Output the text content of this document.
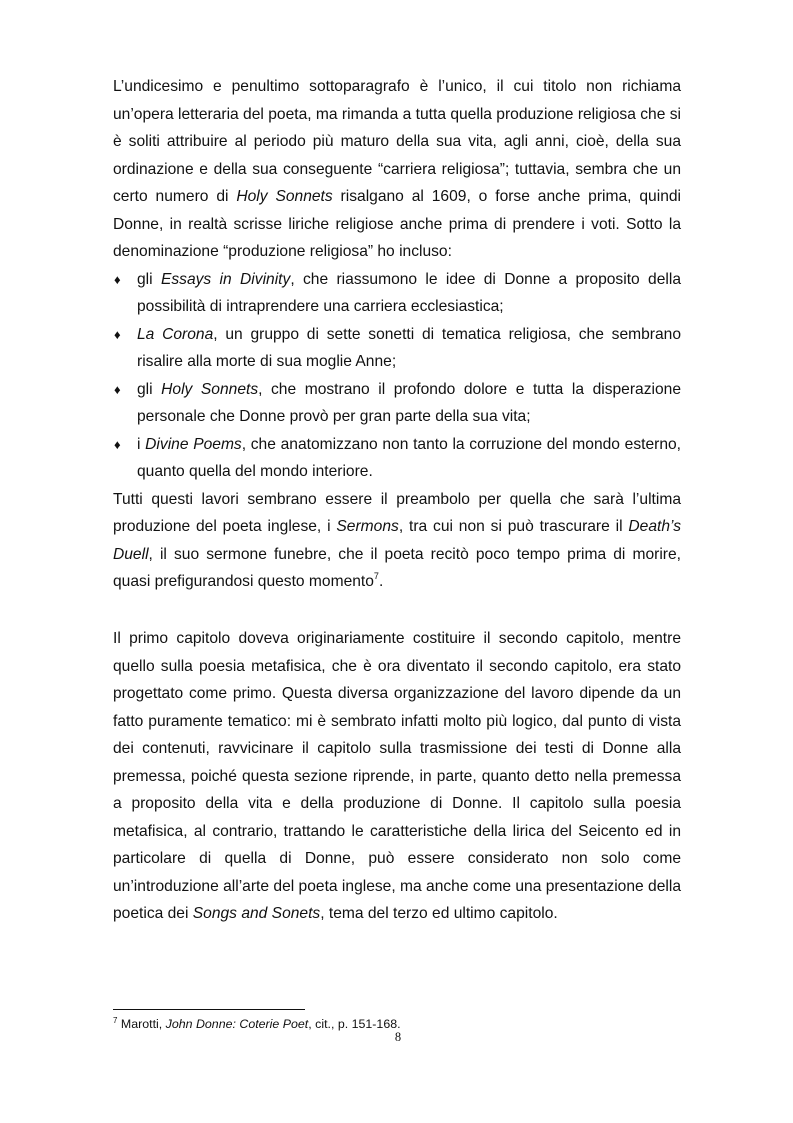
L’undicesimo e penultimo sottoparagrafo è l’unico, il cui titolo non richiama un’opera letteraria del poeta, ma rimanda a tutta quella produzione religiosa che si è soliti attribuire al periodo più maturo della sua vita, agli anni, cioè, della sua ordinazione e della sua conseguente “carriera religiosa”; tuttavia, sembra che un certo numero di Holy Sonnets risalgano al 1609, o forse anche prima, quindi Donne, in realtà scrisse liriche religiose anche prima di prendere i voti. Sotto la denominazione “produzione religiosa” ho incluso:

♦ gli Essays in Divinity, che riassumono le idee di Donne a proposito della possibilità di intraprendere una carriera ecclesiastica;
♦ La Corona, un gruppo di sette sonetti di tematica religiosa, che sembrano risalire alla morte di sua moglie Anne;
♦ gli Holy Sonnets, che mostrano il profondo dolore e tutta la disperazione personale che Donne provò per gran parte della sua vita;
♦ i Divine Poems, che anatomizzano non tanto la corruzione del mondo esterno, quanto quella del mondo interiore.

Tutti questi lavori sembrano essere il preambolo per quella che sarà l’ultima produzione del poeta inglese, i Sermons, tra cui non si può trascurare il Death’s Duell, il suo sermone funebre, che il poeta recitò poco tempo prima di morire, quasi prefigurandosi questo momento$^7$.

Il primo capitolo doveva originariamente costituire il secondo capitolo, mentre quello sulla poesia metafisica, che è ora diventato il secondo capitolo, era stato progettato come primo. Questa diversa organizzazione del lavoro dipende da un fatto puramente tematico: mi è sembrato infatti molto più logico, dal punto di vista dei contenuti, ravvicinare il capitolo sulla trasmissione dei testi di Donne alla premessa, poiché questa sezione riprende, in parte, quanto detto nella premessa a proposito della vita e della produzione di Donne. Il capitolo sulla poesia metafisica, al contrario, trattando le caratteristiche della lirica del Seicento ed in particolare di quella di Donne, può essere considerato non solo come un’introduzione all’arte del poeta inglese, ma anche come una presentazione della poetica dei Songs and Sonets, tema del terzo ed ultimo capitolo.

$^7$ Marotti, John Donne: Coterie Poet, cit., p. 151-168.
8
